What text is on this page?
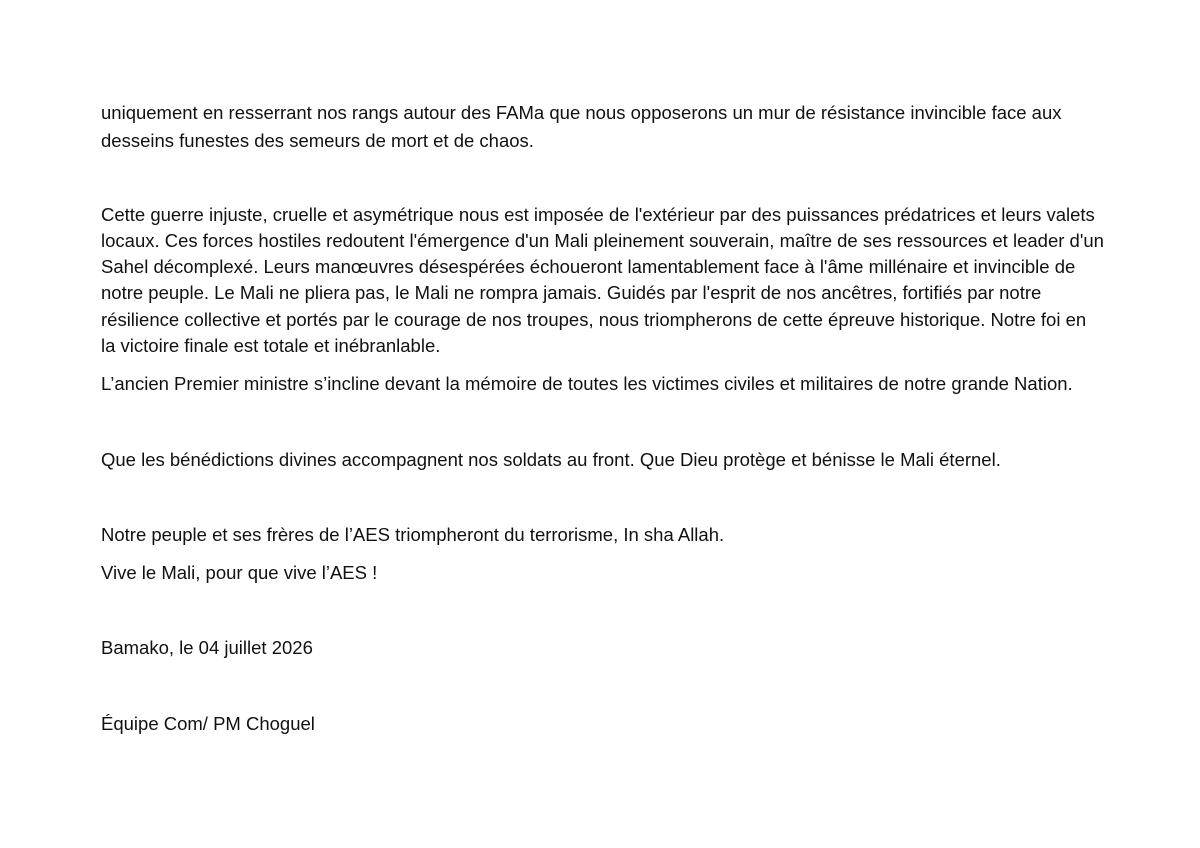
uniquement en resserrant nos rangs autour des FAMa que nous opposerons un mur de résistance invincible face aux

desseins funestes des semeurs de mort et de chaos.

Cette guerre injuste, cruelle et asymétrique nous est imposée de l'extérieur par des puissances prédatrices et leurs valets

locaux. Ces forces hostiles redoutent l'émergence d'un Mali pleinement souverain, maître de ses ressources et leader d'un

Sahel décomplexé. Leurs manœuvres désespérées échoueront lamentablement face à l'âme millénaire et invincible de

notre peuple. Le Mali ne pliera pas, le Mali ne rompra jamais. Guidés par l'esprit de nos ancêtres, fortifiés par notre

résilience collective et portés par le courage de nos troupes, nous triompherons de cette épreuve historique. Notre foi en

la victoire finale est totale et inébranlable.

L’ancien Premier ministre s’incline devant la mémoire de toutes les victimes civiles et militaires de notre grande Nation.

Que les bénédictions divines accompagnent nos soldats au front. Que Dieu protège et bénisse le Mali éternel.

Notre peuple et ses frères de l’AES triompheront du terrorisme, In sha Allah.

Vive le Mali, pour que vive l’AES !

Bamako, le 04 juillet 2026

Équipe Com/ PM Choguel
